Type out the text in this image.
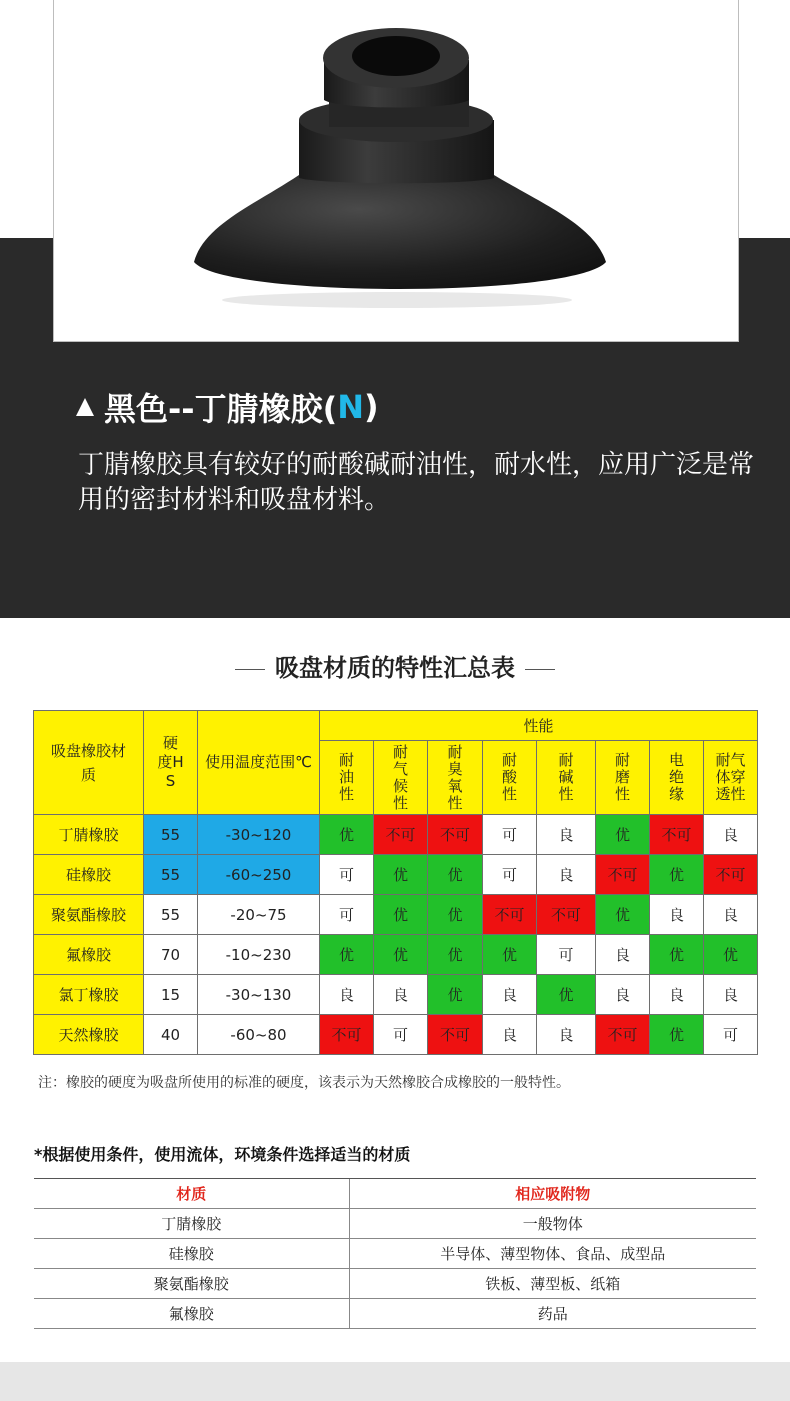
黑色--丁腈橡胶( N )
丁腈橡胶具有较好的耐酸碱耐油性，耐水性，应用广泛是常用的密封材料和吸盘材料。
吸盘材质的特性汇总表
吸盘橡胶材质	硬度HS	使用温度范围℃	性能							
			耐油性	耐气候性	耐臭氧性	耐酸性	耐碱性	耐磨性	电绝缘	耐气体穿透性
丁腈橡胶	55	-30~120	优	不可	不可	可	良	优	不可	良
硅橡胶	55	-60~250	可	优	优	可	良	不可	优	不可
聚氨酯橡胶	55	-20~75	可	优	优	不可	不可	优	良	良
氟橡胶	70	-10~230	优	优	优	优	可	良	优	优
氯丁橡胶	15	-30~130	良	良	优	良	优	良	良	良
天然橡胶	40	-60~80	不可	可	不可	良	良	不可	优	可
注：橡胶的硬度为吸盘所使用的标准的硬度，该表示为天然橡胶合成橡胶的一般特性。
*根据使用条件，使用流体，环境条件选择适当的材质
材质	相应吸附物
丁腈橡胶	一般物体
硅橡胶	半导体、薄型物体、食品、成型品
聚氨酯橡胶	铁板、薄型板、纸箱
氟橡胶	药品
